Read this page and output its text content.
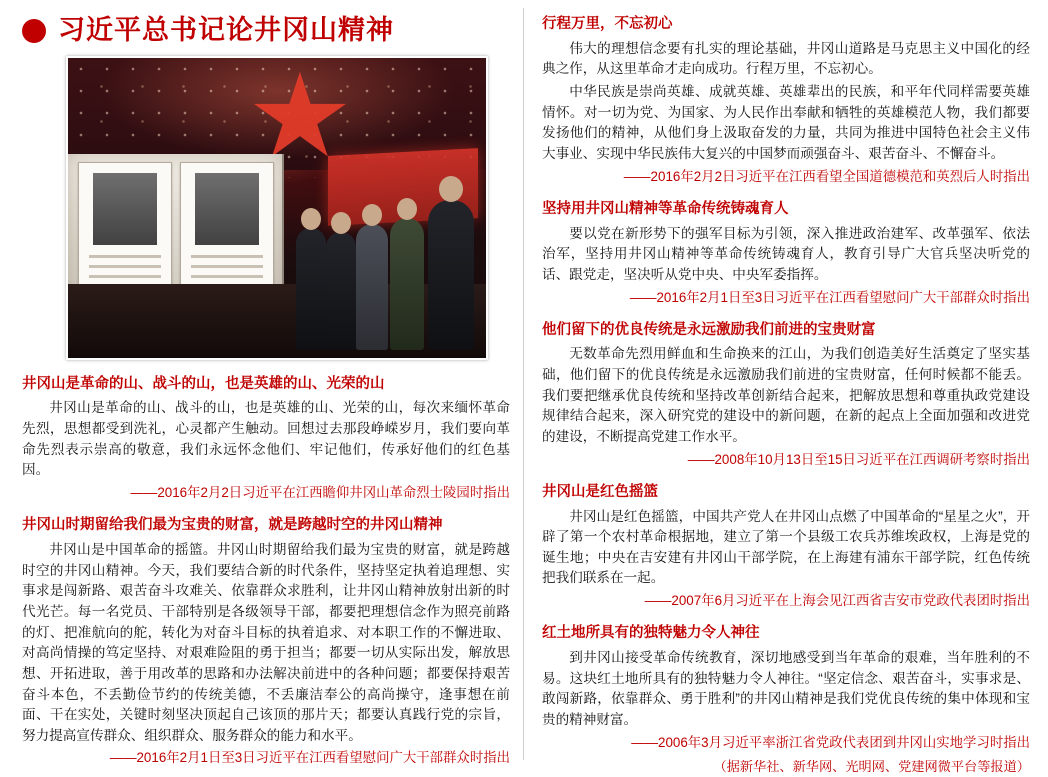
习近平总书记论井冈山精神
井冈山是革命的山、战斗的山，也是英雄的山、光荣的山

井冈山是革命的山、战斗的山，也是英雄的山、光荣的山，每次来缅怀革命先烈，思想都受到洗礼，心灵都产生触动。回想过去那段峥嵘岁月，我们要向革命先烈表示崇高的敬意，我们永远怀念他们、牢记他们，传承好他们的红色基因。

——2016年2月2日习近平在江西瞻仰井冈山革命烈士陵园时指出

井冈山时期留给我们最为宝贵的财富，就是跨越时空的井冈山精神

井冈山是中国革命的摇篮。井冈山时期留给我们最为宝贵的财富，就是跨越时空的井冈山精神。今天，我们要结合新的时代条件，坚持坚定执着追理想、实事求是闯新路、艰苦奋斗攻难关、依靠群众求胜利，让井冈山精神放射出新的时代光芒。每一名党员、干部特别是各级领导干部，都要把理想信念作为照亮前路的灯、把准航向的舵，转化为对奋斗目标的执着追求、对本职工作的不懈进取、对高尚情操的笃定坚持、对艰难险阻的勇于担当；都要一切从实际出发，解放思想、开拓进取，善于用改革的思路和办法解决前进中的各种问题；都要保持艰苦奋斗本色，不丢勤俭节约的传统美德，不丢廉洁奉公的高尚操守，逢事想在前面、干在实处，关键时刻坚决顶起自己该顶的那片天；都要认真践行党的宗旨，努力提高宣传群众、组织群众、服务群众的能力和水平。

——2016年2月1日至3日习近平在江西看望慰问广大干部群众时指出

行程万里，不忘初心

伟大的理想信念要有扎实的理论基础，井冈山道路是马克思主义中国化的经典之作，从这里革命才走向成功。行程万里，不忘初心。

中华民族是崇尚英雄、成就英雄、英雄辈出的民族，和平年代同样需要英雄情怀。对一切为党、为国家、为人民作出奉献和牺牲的英雄模范人物，我们都要发扬他们的精神，从他们身上汲取奋发的力量，共同为推进中国特色社会主义伟大事业、实现中华民族伟大复兴的中国梦而顽强奋斗、艰苦奋斗、不懈奋斗。

——2016年2月2日习近平在江西看望全国道德模范和英烈后人时指出

坚持用井冈山精神等革命传统铸魂育人

要以党在新形势下的强军目标为引领，深入推进政治建军、改革强军、依法治军，坚持用井冈山精神等革命传统铸魂育人，教育引导广大官兵坚决听党的话、跟党走，坚决听从党中央、中央军委指挥。

——2016年2月1日至3日习近平在江西看望慰问广大干部群众时指出

他们留下的优良传统是永远激励我们前进的宝贵财富

无数革命先烈用鲜血和生命换来的江山，为我们创造美好生活奠定了坚实基础，他们留下的优良传统是永远激励我们前进的宝贵财富，任何时候都不能丢。我们要把继承优良传统和坚持改革创新结合起来，把解放思想和尊重执政党建设规律结合起来，深入研究党的建设中的新问题，在新的起点上全面加强和改进党的建设，不断提高党建工作水平。

——2008年10月13日至15日习近平在江西调研考察时指出

井冈山是红色摇篮

井冈山是红色摇篮，中国共产党人在井冈山点燃了中国革命的“星星之火”，开辟了第一个农村革命根据地，建立了第一个县级工农兵苏维埃政权，上海是党的诞生地；中央在吉安建有井冈山干部学院，在上海建有浦东干部学院，红色传统把我们联系在一起。

——2007年6月习近平在上海会见江西省吉安市党政代表团时指出

红土地所具有的独特魅力令人神往

到井冈山接受革命传统教育，深切地感受到当年革命的艰难，当年胜利的不易。这块红土地所具有的独特魅力令人神往。“坚定信念、艰苦奋斗，实事求是、敢闯新路，依靠群众、勇于胜利”的井冈山精神是我们党优良传统的集中体现和宝贵的精神财富。

——2006年3月习近平率浙江省党政代表团到井冈山实地学习时指出

（据新华社、新华网、光明网、党建网微平台等报道）
